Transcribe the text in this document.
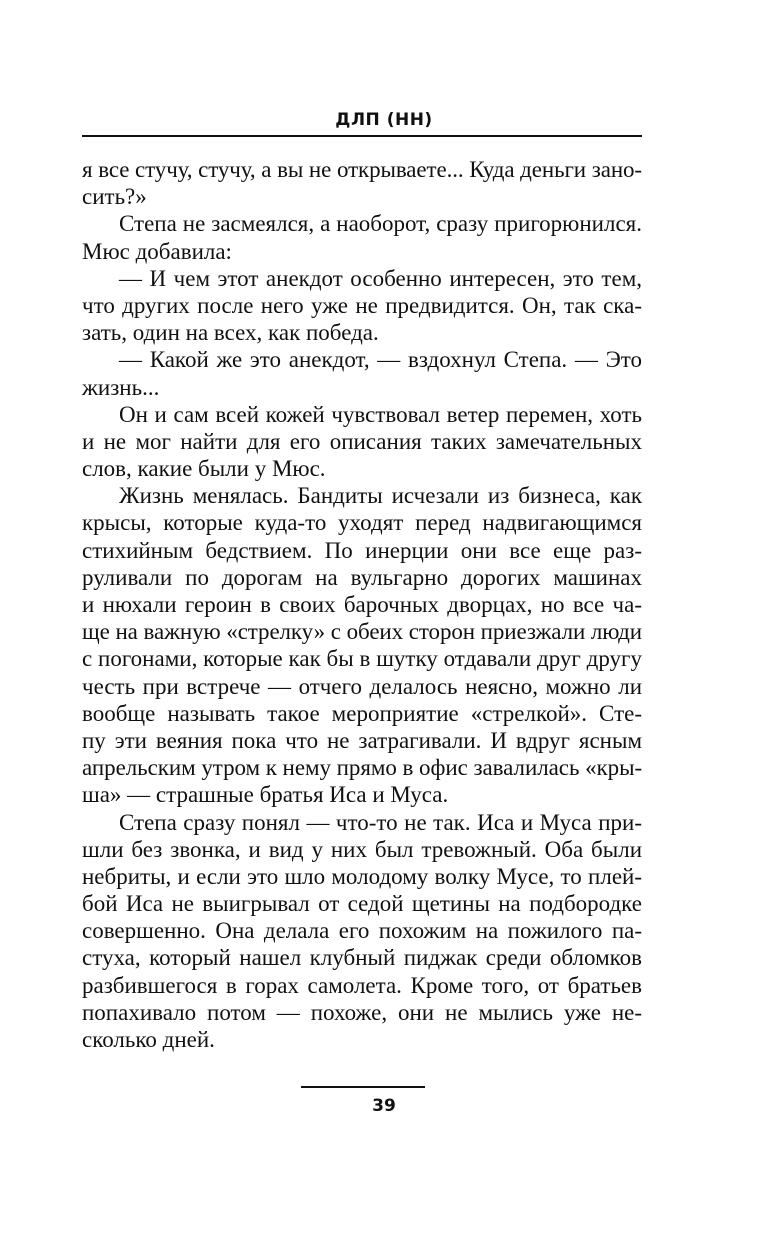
ДЛП (НН)
я все стучу, стучу, а вы не открываете... Куда деньги зано-
сить?»
Степа не засмеялся, а наоборот, сразу пригорюнился.
Мюс добавила:
— И чем этот анекдот особенно интересен, это тем,
что других после него уже не предвидится. Он, так ска-
зать, один на всех, как победа.
— Какой же это анекдот, — вздохнул Степа. — Это
жизнь...
Он и сам всей кожей чувствовал ветер перемен, хоть
и не мог найти для его описания таких замечательных
слов, какие были у Мюс.
Жизнь менялась. Бандиты исчезали из бизнеса, как
крысы, которые куда-то уходят перед надвигающимся
стихийным бедствием. По инерции они все еще раз-
руливали по дорогам на вульгарно дорогих машинах
и нюхали героин в своих барочных дворцах, но все ча-
ще на важную «стрелку» с обеих сторон приезжали люди
с погонами, которые как бы в шутку отдавали друг другу
честь при встрече — отчего делалось неясно, можно ли
вообще называть такое мероприятие «стрелкой». Сте-
пу эти веяния пока что не затрагивали. И вдруг ясным
апрельским утром к нему прямо в офис завалилась «кры-
ша» — страшные братья Иса и Муса.
Степа сразу понял — что-то не так. Иса и Муса при-
шли без звонка, и вид у них был тревожный. Оба были
небриты, и если это шло молодому волку Мусе, то плей-
бой Иса не выигрывал от седой щетины на подбородке
совершенно. Она делала его похожим на пожилого па-
стуха, который нашел клубный пиджак среди обломков
разбившегося в горах самолета. Кроме того, от братьев
попахивало потом — похоже, они не мылись уже не-
сколько дней.
39
